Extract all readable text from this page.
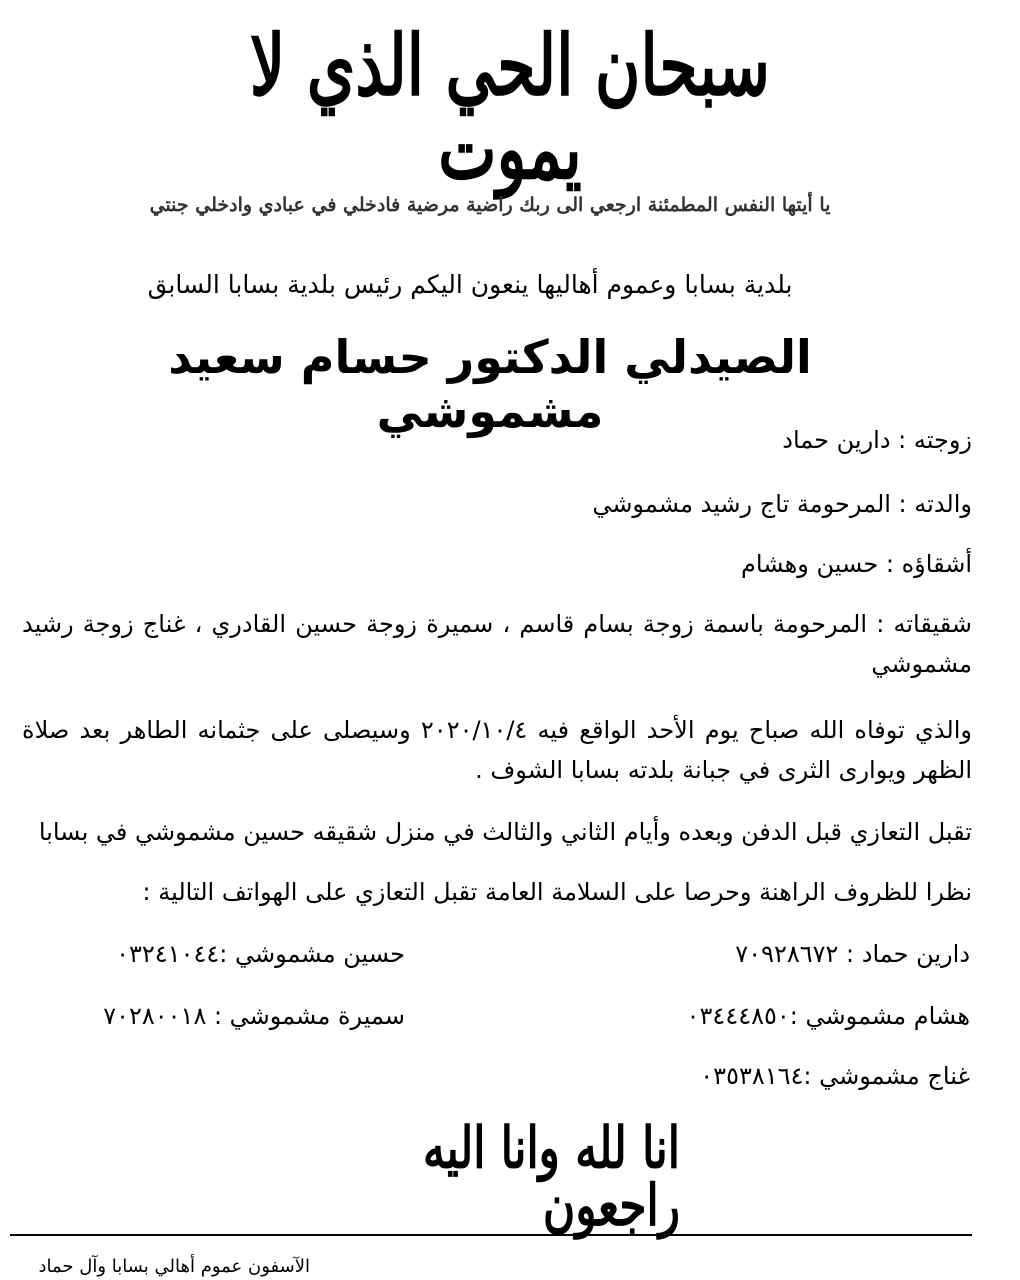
سبحان الحي الذي لا يموت
يا أيتها النفس المطمئنة ارجعي الى ربك راضية مرضية فادخلي في عبادي وادخلي جنتي
بلدية بسابا وعموم أهاليها ينعون اليكم رئيس بلدية بسابا السابق
الصيدلي الدكتور حسام سعيد مشموشي
زوجته : دارين حماد
والدته : المرحومة تاج رشيد مشموشي
أشقاؤه : حسين وهشام
شقيقاته : المرحومة باسمة زوجة بسام قاسم ، سميرة زوجة حسين القادري ، غناج زوجة رشيد مشموشي
والذي توفاه الله صباح يوم الأحد الواقع فيه ٢٠٢٠/١٠/٤ وسيصلى على جثمانه الطاهر بعد صلاة الظهر ويوارى الثرى في جبانة بلدته بسابا الشوف .
تقبل التعازي قبل الدفن وبعده وأيام الثاني والثالث في منزل شقيقه حسين مشموشي في بسابا
نظرا للظروف الراهنة وحرصا على السلامة العامة تقبل التعازي على الهواتف التالية :
دارين حماد : ٧٠٩٢٨٦٧٢
حسين مشموشي :٠٣٢٤١٠٤٤
هشام مشموشي :٠٣٤٤٤٨٥٠
سميرة مشموشي : ٧٠٢٨٠٠١٨
غناج مشموشي :٠٣٥٣٨١٦٤
انا لله وانا اليه راجعون
الآسفون عموم أهالي بسابا وآل حماد
